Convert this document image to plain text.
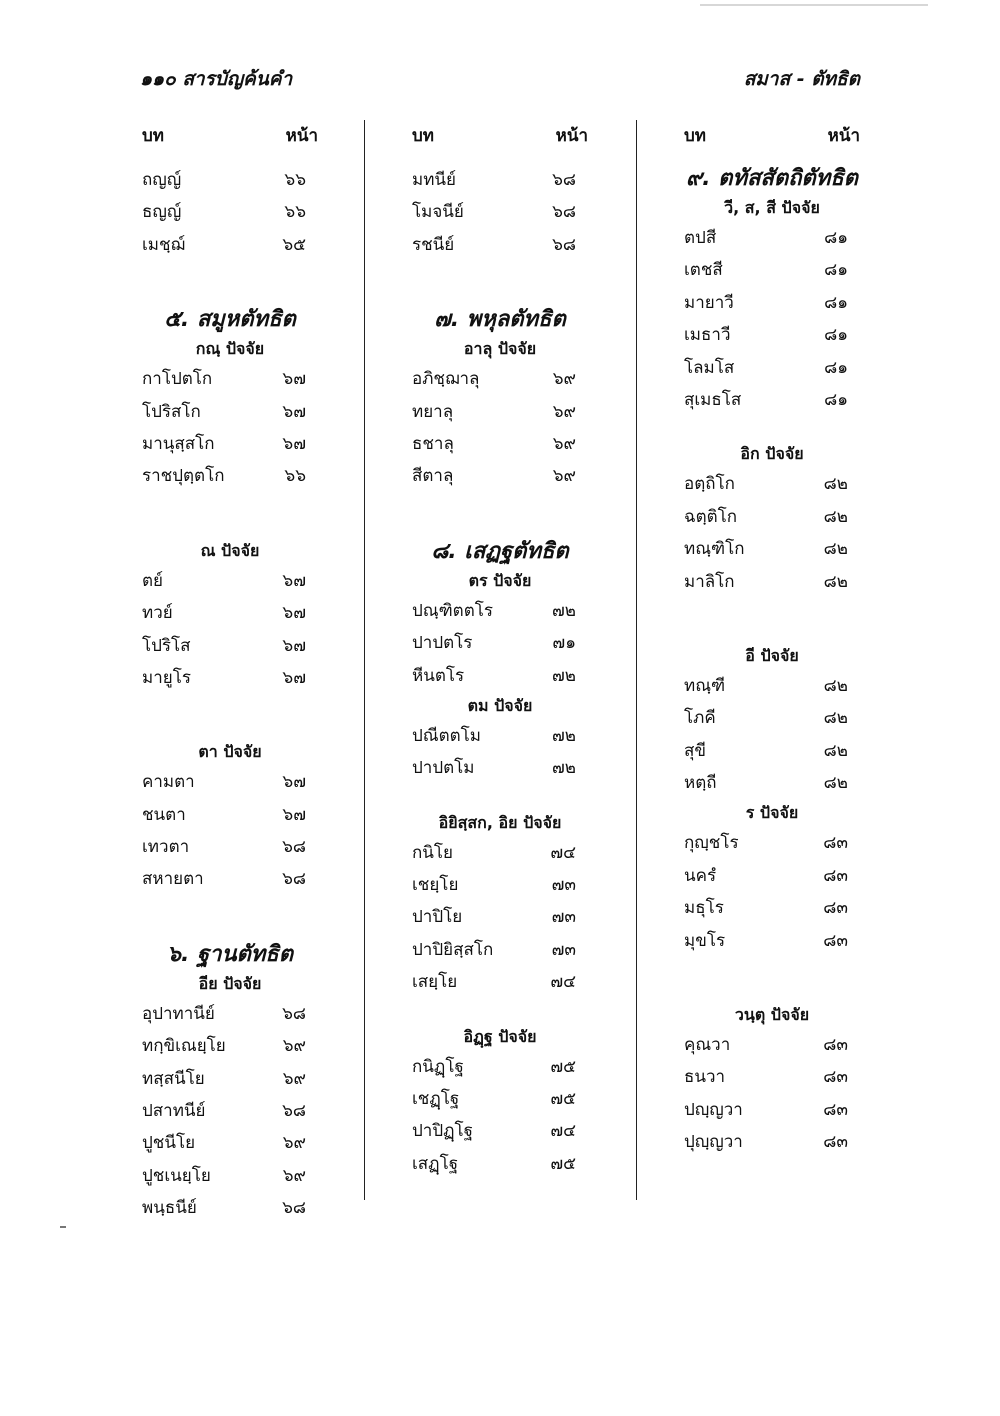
๑๑๐ สารบัญค้นคำ	สมาส - ตัทธิต
บท	หน้า
ถญญ์	๖๖
ธญญ์	๖๖
เมชฺฌ์	๖๕
๕. สมูหตัทธิต
กณฺ ปัจจัย
กาโปตโก	๖๗
โปริสโก	๖๗
มานุสฺสโก	๖๗
ราชปุตฺตโก	๖๖
ณ ปัจจัย
ตย์	๖๗
ทวย์	๖๗
โปริโส	๖๗
มายูโร	๖๗
ตา ปัจจัย
คามตา	๖๗
ชนตา	๖๗
เทวตา	๖๘
สหายตา	๖๘
๖. ฐานตัทธิต
อีย ปัจจัย
อุปาทานีย์	๖๘
ทกฺขิเณยฺโย	๖๙
ทสฺสนีโย	๖๙
ปสาทนีย์	๖๘
ปูชนีโย	๖๙
ปูชเนยฺโย	๖๙
พนฺธนีย์	๖๘
บท	หน้า
มทนีย์	๖๘
โมจนีย์	๖๘
รชนีย์	๖๘
๗. พหุลตัทธิต
อาลุ ปัจจัย
อภิชฺฌาลุ	๖๙
ทยาลุ	๖๙
ธชาลุ	๖๙
สีตาลุ	๖๙
๘. เสฏฐตัทธิต
ตร ปัจจัย
ปณฺฑิตตโร	๗๒
ปาปตโร	๗๑
หีนตโร	๗๒
ตม ปัจจัย
ปณีตตโม	๗๒
ปาปตโม	๗๒
อิยิสฺสก, อิย ปัจจัย
กนิโย	๗๔
เชยฺโย	๗๓
ปาปิโย	๗๓
ปาปิยิสฺสโก	๗๓
เสยฺโย	๗๔
อิฏฺฐ ปัจจัย
กนิฏฺโฐ	๗๕
เชฏฺโฐ	๗๕
ปาปิฏฺโฐ	๗๔
เสฏฺโฐ	๗๕
บท	หน้า
๙. ตทัสสัตถิตัทธิต
วี, ส, สี ปัจจัย
ตปสี	๘๑
เตชสี	๘๑
มายาวี	๘๑
เมธาวี	๘๑
โลมโส	๘๑
สุเมธโส	๘๑
อิก ปัจจัย
อตฺถิโก	๘๒
ฉตฺติโก	๘๒
ทณฺฑิโก	๘๒
มาลิโก	๘๒
อี ปัจจัย
ทณฺฑี	๘๒
โภคี	๘๒
สุขี	๘๒
หตฺถี	๘๒
ร ปัจจัย
กุญฺชโร	๘๓
นครํ	๘๓
มธุโร	๘๓
มุขโร	๘๓
วนฺตุ ปัจจัย
คุณวา	๘๓
ธนวา	๘๓
ปญฺญวา	๘๓
ปุญฺญวา	๘๓
